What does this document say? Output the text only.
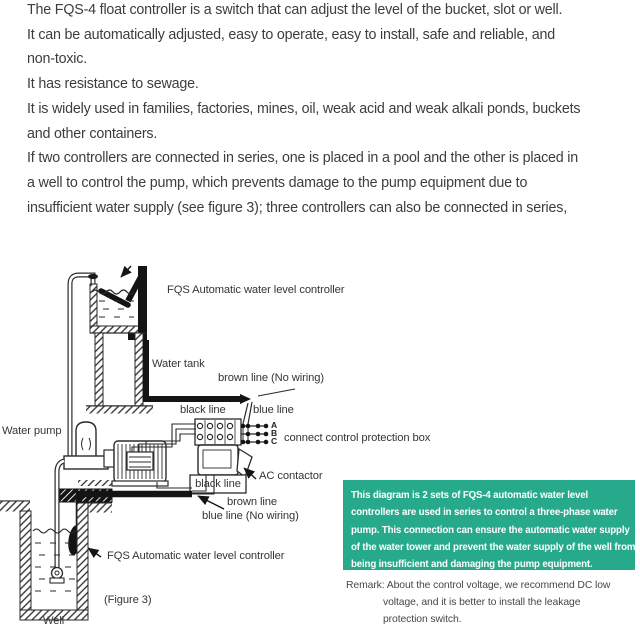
The FQS-4 float controller is a switch that can adjust the level of the bucket, slot or well.
It can be automatically adjusted, easy to operate, easy to install, safe and reliable, and
non-toxic.
It has resistance to sewage.
It is widely used in families, factories, mines, oil, weak acid and weak alkali ponds, buckets
and other containers.
If two controllers are connected in series, one is placed in a pool and the other is placed in
a well to control the pump, which prevents damage to the pump equipment due to
insufficient water supply (see figure 3); three controllers can also be connected in series,
FQS Automatic water level controller
Water tank
brown line (No wiring)
black line blue line
Water pump	A
B
C connect control protection box
AC contactor
black line
brown line
blue line (No wiring)
FQS Automatic water level controller
(Figure 3)
Well
This diagram is 2 sets of FQS-4 automatic water level
controllers are used in series to control a three-phase water
pump. This connection can ensure the automatic water supply
of the water tower and prevent the water supply of the well from
being insufficient and damaging the pump equipment.
Remark: About the control voltage, we recommend DC low
voltage, and it is better to install the leakage
protection switch.
